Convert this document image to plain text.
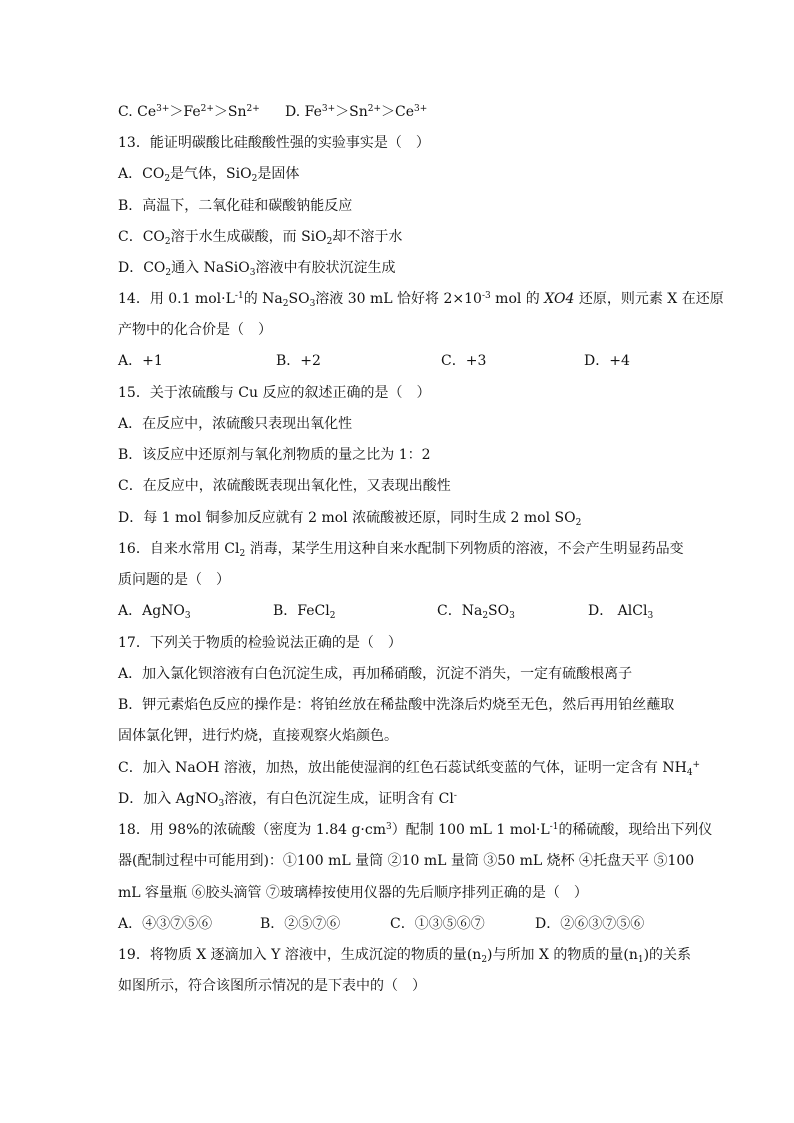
C. $Ce^{3+}>Fe^{2+}>Sn^{2+}$ D. $Fe^{3+}>Sn^{2+}>Ce^{3+}$
13．能证明碳酸比硅酸酸性强的实验事实是（　）
A．$CO_2$是气体，SiO$_2$是固体
B．高温下，二氧化硅和碳酸钠能反应
C．$CO_2$溶于水生成碳酸，而 SiO$_2$却不溶于水
D．$CO_2$通入 NaSiO$_3$溶液中有胶状沉淀生成
14．用 0.1 $mol\cdot L^{-1}$的 $Na_2SO_3$溶液 30 mL 恰好将 $2\times 10^{-3}$ mol 的 XO4 还原，则元素 X 在还原
产物中的化合价是（　）
A．+1	B．+2	C．+3	D．+4
15．关于浓硫酸与 Cu 反应的叙述正确的是（　）
A．在反应中，浓硫酸只表现出氧化性
B．该反应中还原剂与氧化剂物质的量之比为 1：2
C．在反应中，浓硫酸既表现出氧化性，又表现出酸性
D．每 1 mol 铜参加反应就有 2 mol 浓硫酸被还原，同时生成 2 mol $SO_2$
16．自来水常用 $Cl_2$ 消毒，某学生用这种自来水配制下列物质的溶液，不会产生明显药品变
质问题的是（　）
A．AgNO$_3$	B．FeCl$_2$	C．$Na_2SO_3$	D． AlCl$_3$
17．下列关于物质的检验说法正确的是（　）
A．加入氯化钡溶液有白色沉淀生成，再加稀硝酸，沉淀不消失，一定有硫酸根离子
B．钾元素焰色反应的操作是：将铂丝放在稀盐酸中洗涤后灼烧至无色，然后再用铂丝蘸取
固体氯化钾，进行灼烧，直接观察火焰颜色。
C．加入 NaOH 溶液，加热，放出能使湿润的红色石蕊试纸变蓝的气体，证明一定含有 $NH_4^+$
D．加入 AgNO$_3$溶液，有白色沉淀生成，证明含有 Cl-
18．用 98%的浓硫酸（密度为 1.84 $g\cdot cm^3$）配制 100 mL 1 $mol\cdot L^{-1}$的稀硫酸，现给出下列仪
器(配制过程中可能用到)：①100 mL 量筒 ②10 mL 量筒 ③50 mL 烧杯 ④托盘天平 ⑤100
mL 容量瓶 ⑥胶头滴管 ⑦玻璃棒按使用仪器的先后顺序排列正确的是（　）
A．④③⑦⑤⑥	B．②⑤⑦⑥	C．①③⑤⑥⑦	D．②⑥③⑦⑤⑥
19．将物质 X 逐滴加入 Y 溶液中，生成沉淀的物质的量$(n_2)$与所加 X 的物质的量$(n_1)$的关系
如图所示，符合该图所示情况的是下表中的（　）
